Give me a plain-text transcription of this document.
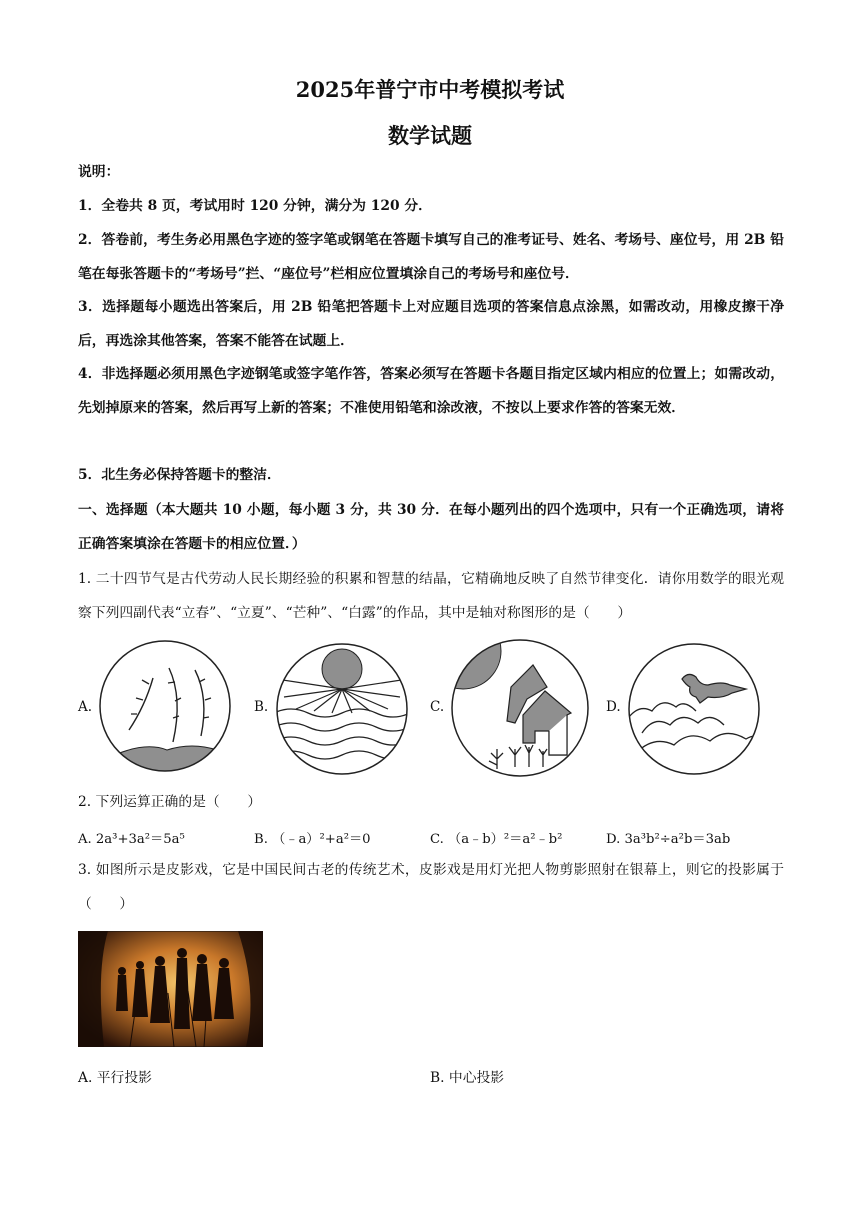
2025年普宁市中考模拟考试
数学试题
说明：
1．全卷共 8 页，考试用时 120 分钟，满分为 120 分．
2．答卷前，考生务必用黑色字迹的签字笔或钢笔在答题卡填写自己的准考证号、姓名、考场号、座位号，用 2B 铅笔在每张答题卡的“考场号”拦、“座位号”栏相应位置填涂自己的考场号和座位号．
3．选择题每小题选出答案后，用 2B 铅笔把答题卡上对应题目选项的答案信息点涂黑，如需改动，用橡皮擦干净后，再选涂其他答案，答案不能答在试题上．
4．非选择题必须用黑色字迹钢笔或签字笔作答，答案必须写在答题卡各题目指定区域内相应的位置上；如需改动，先划掉原来的答案，然后再写上新的答案；不准使用铅笔和涂改液，不按以上要求作答的答案无效．
5．北生务必保持答题卡的整洁．
一、选择题（本大题共 10 小题，每小题 3 分，共 30 分．在每小题列出的四个选项中，只有一个正确选项，请将正确答案填涂在答题卡的相应位置．）
1. 二十四节气是古代劳动人民长期经验的积累和智慧的结晶，它精确地反映了自然节律变化．请你用数学的眼光观察下列四副代表“立春”、“立夏”、“芒种”、“白露”的作品，其中是轴对称图形的是（　　）
A.	B.	C.	D.
2. 下列运算正确的是（　　）
A. 2a³+3a²＝5a⁵	B. （﹣a）²+a²＝0	C. （a﹣b）²＝a²﹣b²	D. 3a³b²÷a²b＝3ab
3. 如图所示是皮影戏，它是中国民间古老的传统艺术，皮影戏是用灯光把人物剪影照射在银幕上，则它的投影属于（　　）
A. 平行投影	B. 中心投影
